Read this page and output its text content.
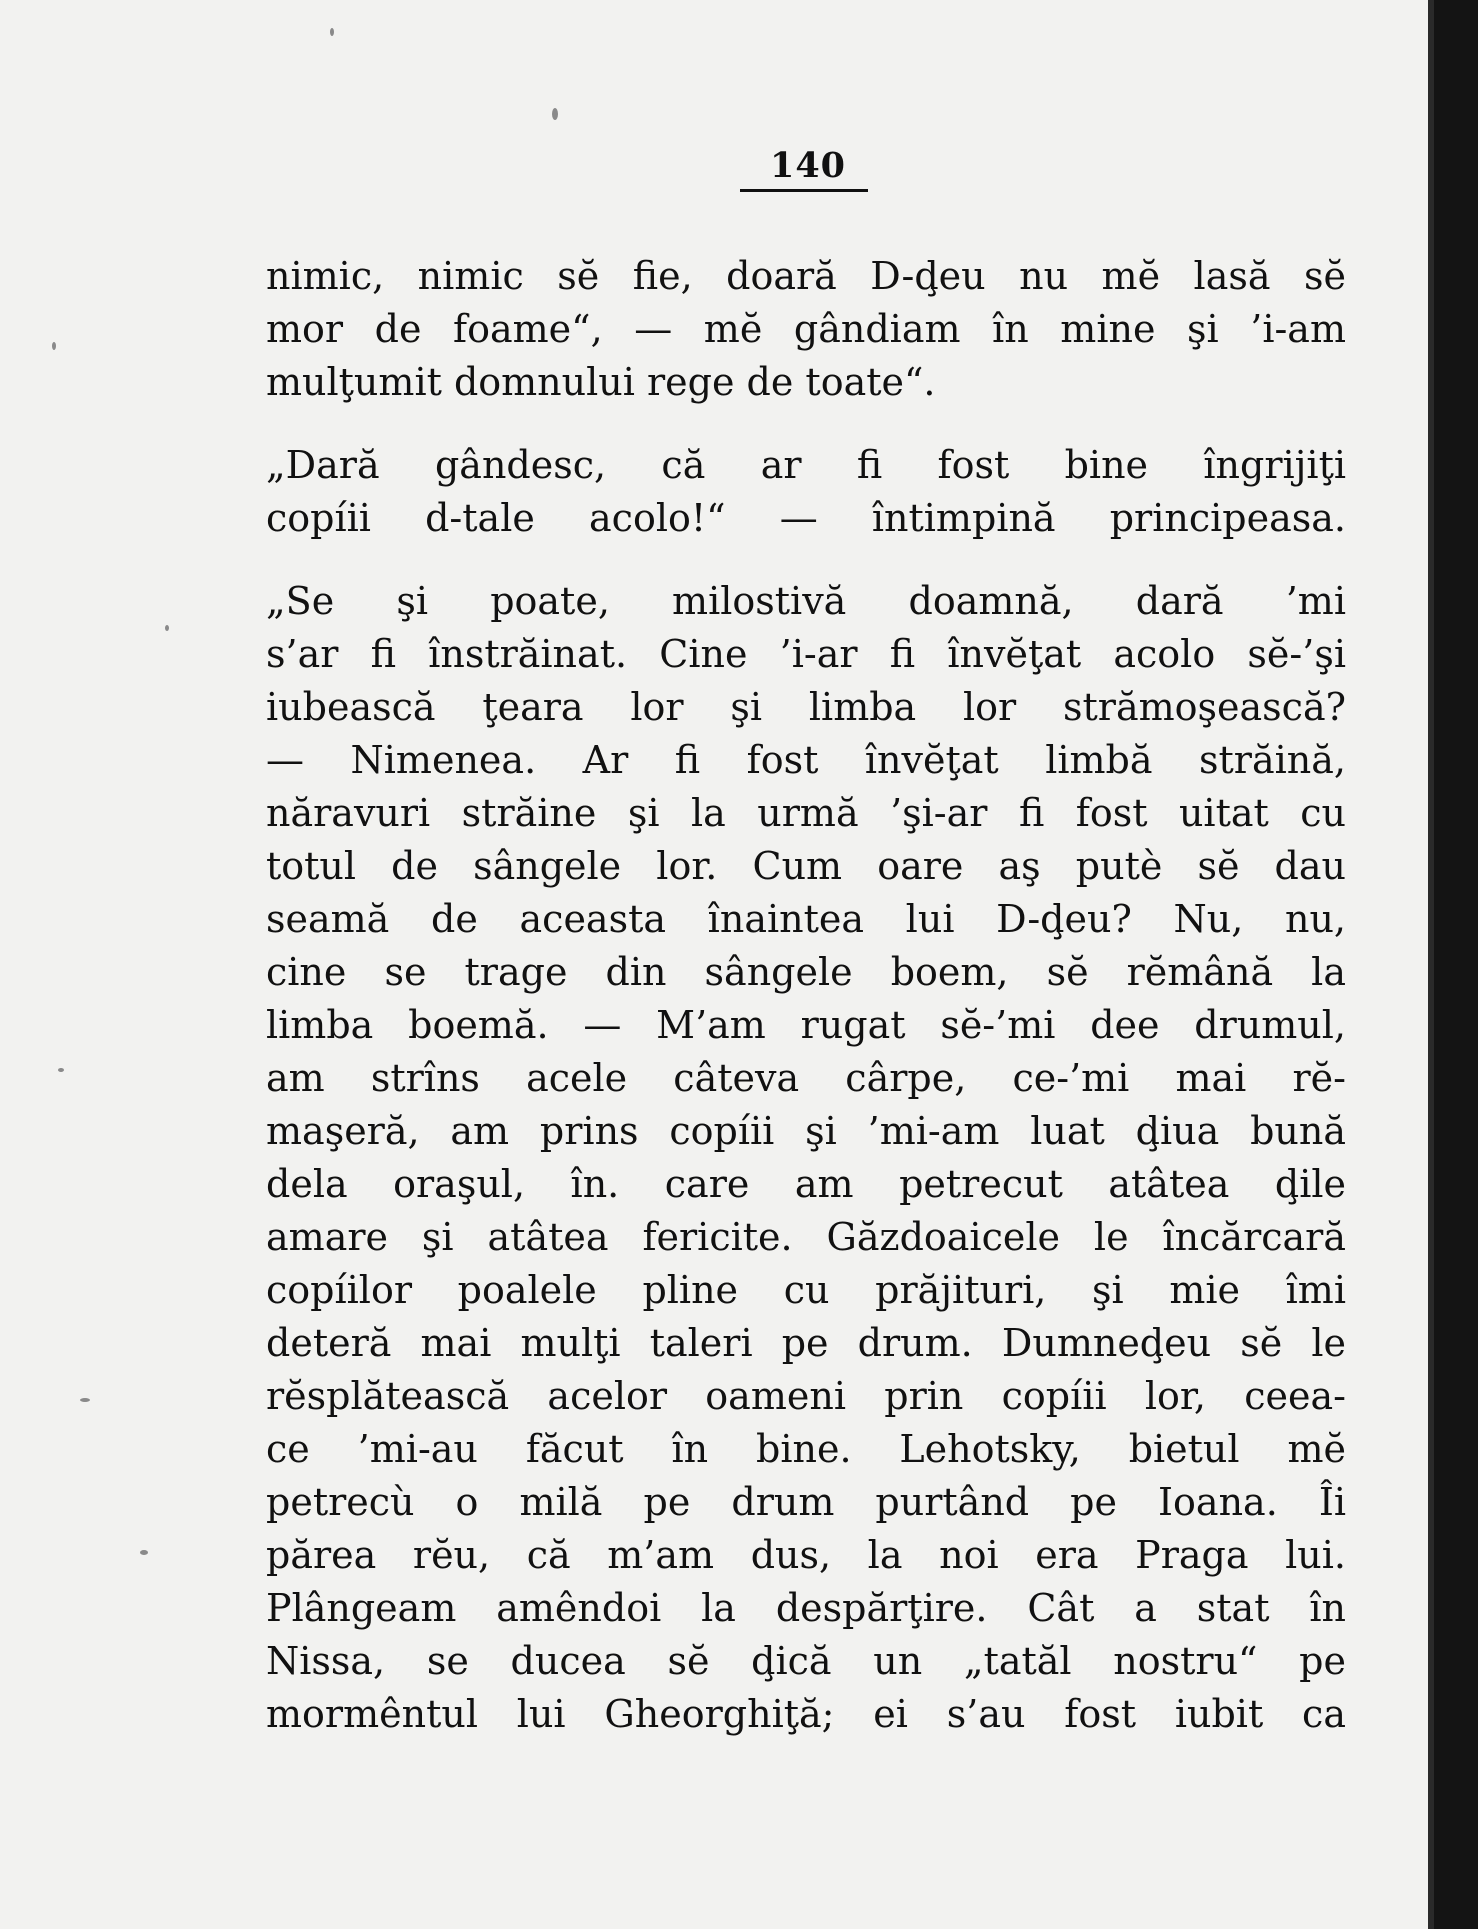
140

nimic, nimic sĕ fie, doară D-ḑeu nu mĕ lasă sĕ
mor de foame“, — mĕ gândiam în mine şi ’i-am
mulţumit domnului rege de toate“.

„Dară gândesc, că ar fi fost bine îngrijiţi
copíii d-tale acolo!“ — întimpină principeasa.

„Se şi poate, milostivă doamnă, dară ’mi
s’ar fi înstrăinat. Cine ’i-ar fi învĕţat acolo sĕ-’şi
iubească ţeara lor şi limba lor strămoşească?
— Nimenea. Ar fi fost învĕţat limbă străină,
năravuri străine şi la urmă ’şi-ar fi fost uitat cu
totul de sângele lor. Cum oare aş putè sĕ dau
seamă de aceasta înaintea lui D-ḑeu? Nu, nu,
cine se trage din sângele boem, sĕ rĕmână la
limba boemă. — M’am rugat sĕ-’mi dee drumul,
am strîns acele câteva cârpe, ce-’mi mai rĕ-
maşeră, am prins copíii şi ’mi-am luat ḑiua bună
dela oraşul, în. care am petrecut atâtea ḑile
amare şi atâtea fericite. Găzdoaicele le încărcară
copíilor poalele pline cu prăjituri, şi mie îmi
deteră mai mulţi taleri pe drum. Dumneḑeu sĕ le
rĕsplătească acelor oameni prin copíii lor, ceea-
ce ’mi-au făcut în bine. Lehotsky, bietul mĕ
petrecù o milă pe drum purtând pe Ioana. Îi
părea rĕu, că m’am dus, la noi era Praga lui.
Plângeam amêndoi la despărţire. Cât a stat în
Nissa, se ducea sĕ ḑică un „tatăl nostru“ pe
mormêntul lui Gheorghiţă; ei s’au fost iubit ca
